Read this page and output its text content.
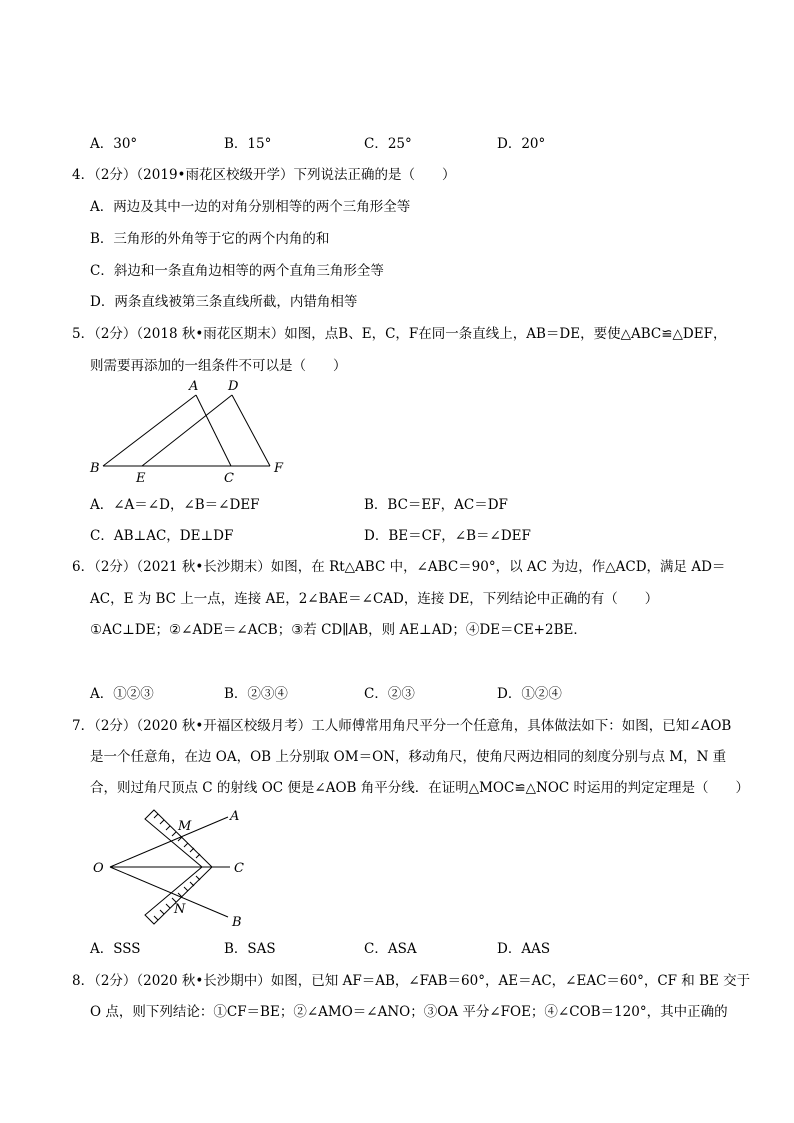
A．30°	B．15°	C．25°	D．20°
4．（2分）（2019•雨花区校级开学）下列说法正确的是（　　）
A．两边及其中一边的对角分别相等的两个三角形全等
B．三角形的外角等于它的两个内角的和
C．斜边和一条直角边相等的两个直角三角形全等
D．两条直线被第三条直线所截，内错角相等
5．（2分）（2018 秋•雨花区期末）如图，点B、E，C，F在同一条直线上，AB＝DE，要使△ABC≌△DEF，
则需要再添加的一组条件不可以是（　　）
A D
B
E	C
F
A．∠A＝∠D，∠B＝∠DEF	B．BC＝EF，AC＝DF
C．AB⊥AC，DE⊥DF	D．BE＝CF，∠B＝∠DEF
6．（2分）（2021 秋•长沙期末）如图，在 Rt△ABC 中，∠ABC＝90°，以 AC 为边，作△ACD，满足 AD＝
AC，E 为 BC 上一点，连接 AE，2∠BAE＝∠CAD，连接 DE，下列结论中正确的有（　　）
①AC⊥DE；②∠ADE＝∠ACB；③若 CD∥AB，则 AE⊥AD；④DE＝CE+2BE．
A．①②③	B．②③④	C．②③	D．①②④
7．（2分）（2020 秋•开福区校级月考）工人师傅常用角尺平分一个任意角，具体做法如下：如图，已知∠AOB
是一个任意角，在边 OA，OB 上分别取 OM＝ON，移动角尺，使角尺两边相同的刻度分别与点 M，N 重
合，则过角尺顶点 C 的射线 OC 便是∠AOB 角平分线．在证明△MOC≌△NOC 时运用的判定定理是（　　）
O
M
A
C
N
B
A．SSS	B．SAS	C．ASA	D．AAS
8．（2分）（2020 秋•长沙期中）如图，已知 AF＝AB，∠FAB＝60°，AE＝AC，∠EAC＝60°，CF 和 BE 交于
O 点，则下列结论：①CF＝BE；②∠AMO＝∠ANO；③OA 平分∠FOE；④∠COB＝120°，其中正确的
